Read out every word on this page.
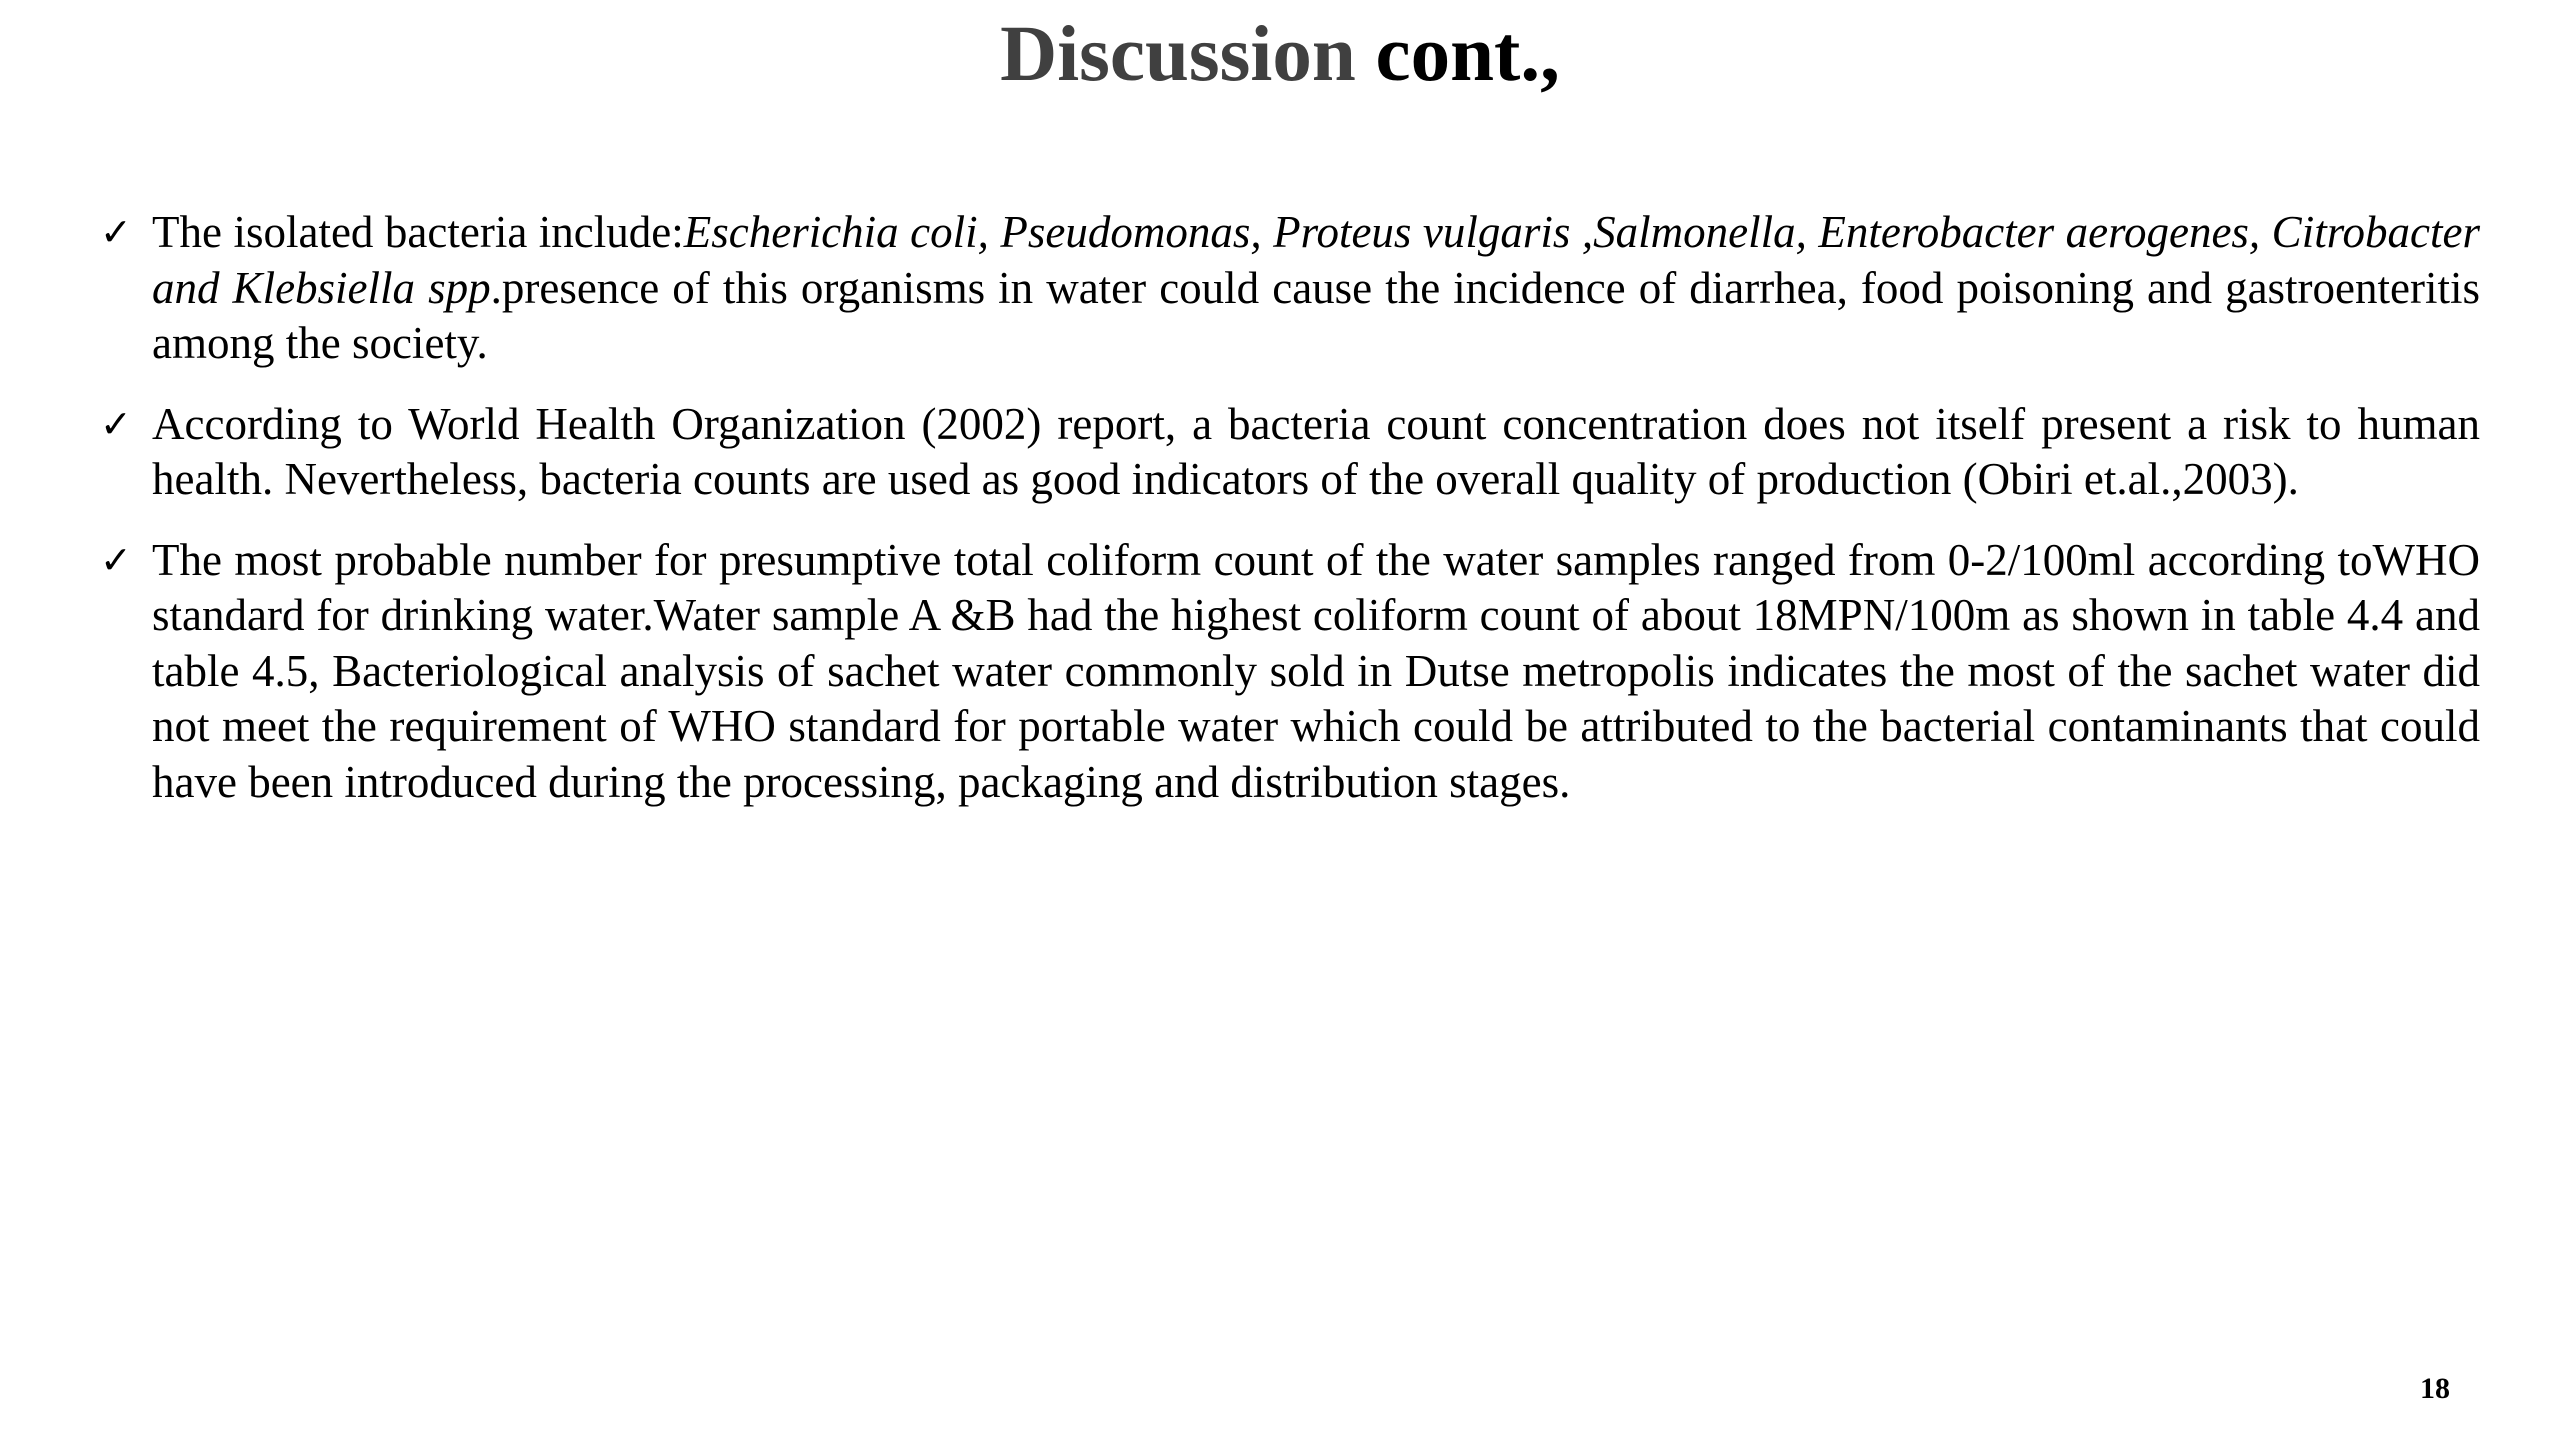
Discussion cont.,
✓ The isolated bacteria include:Escherichia coli, Pseudomonas, Proteus vulgaris ,Salmonella, Enterobacter aerogenes, Citrobacter and Klebsiella spp.presence of this organisms in water could cause the incidence of diarrhea, food poisoning and gastroenteritis among the society.
✓ According to World Health Organization (2002) report, a bacteria count concentration does not itself present a risk to human health. Nevertheless, bacteria counts are used as good indicators of the overall quality of production (Obiri et.al.,2003).
✓ The most probable number for presumptive total coliform count of the water samples ranged from 0-2/100ml according toWHO standard for drinking water.Water sample A &B had the highest coliform count of about 18MPN/100m as shown in table 4.4 and table 4.5, Bacteriological analysis of sachet water commonly sold in Dutse metropolis indicates the most of the sachet water did not meet the requirement of WHO standard for portable water which could be attributed to the bacterial contaminants that could have been introduced during the processing, packaging and distribution stages.
18
